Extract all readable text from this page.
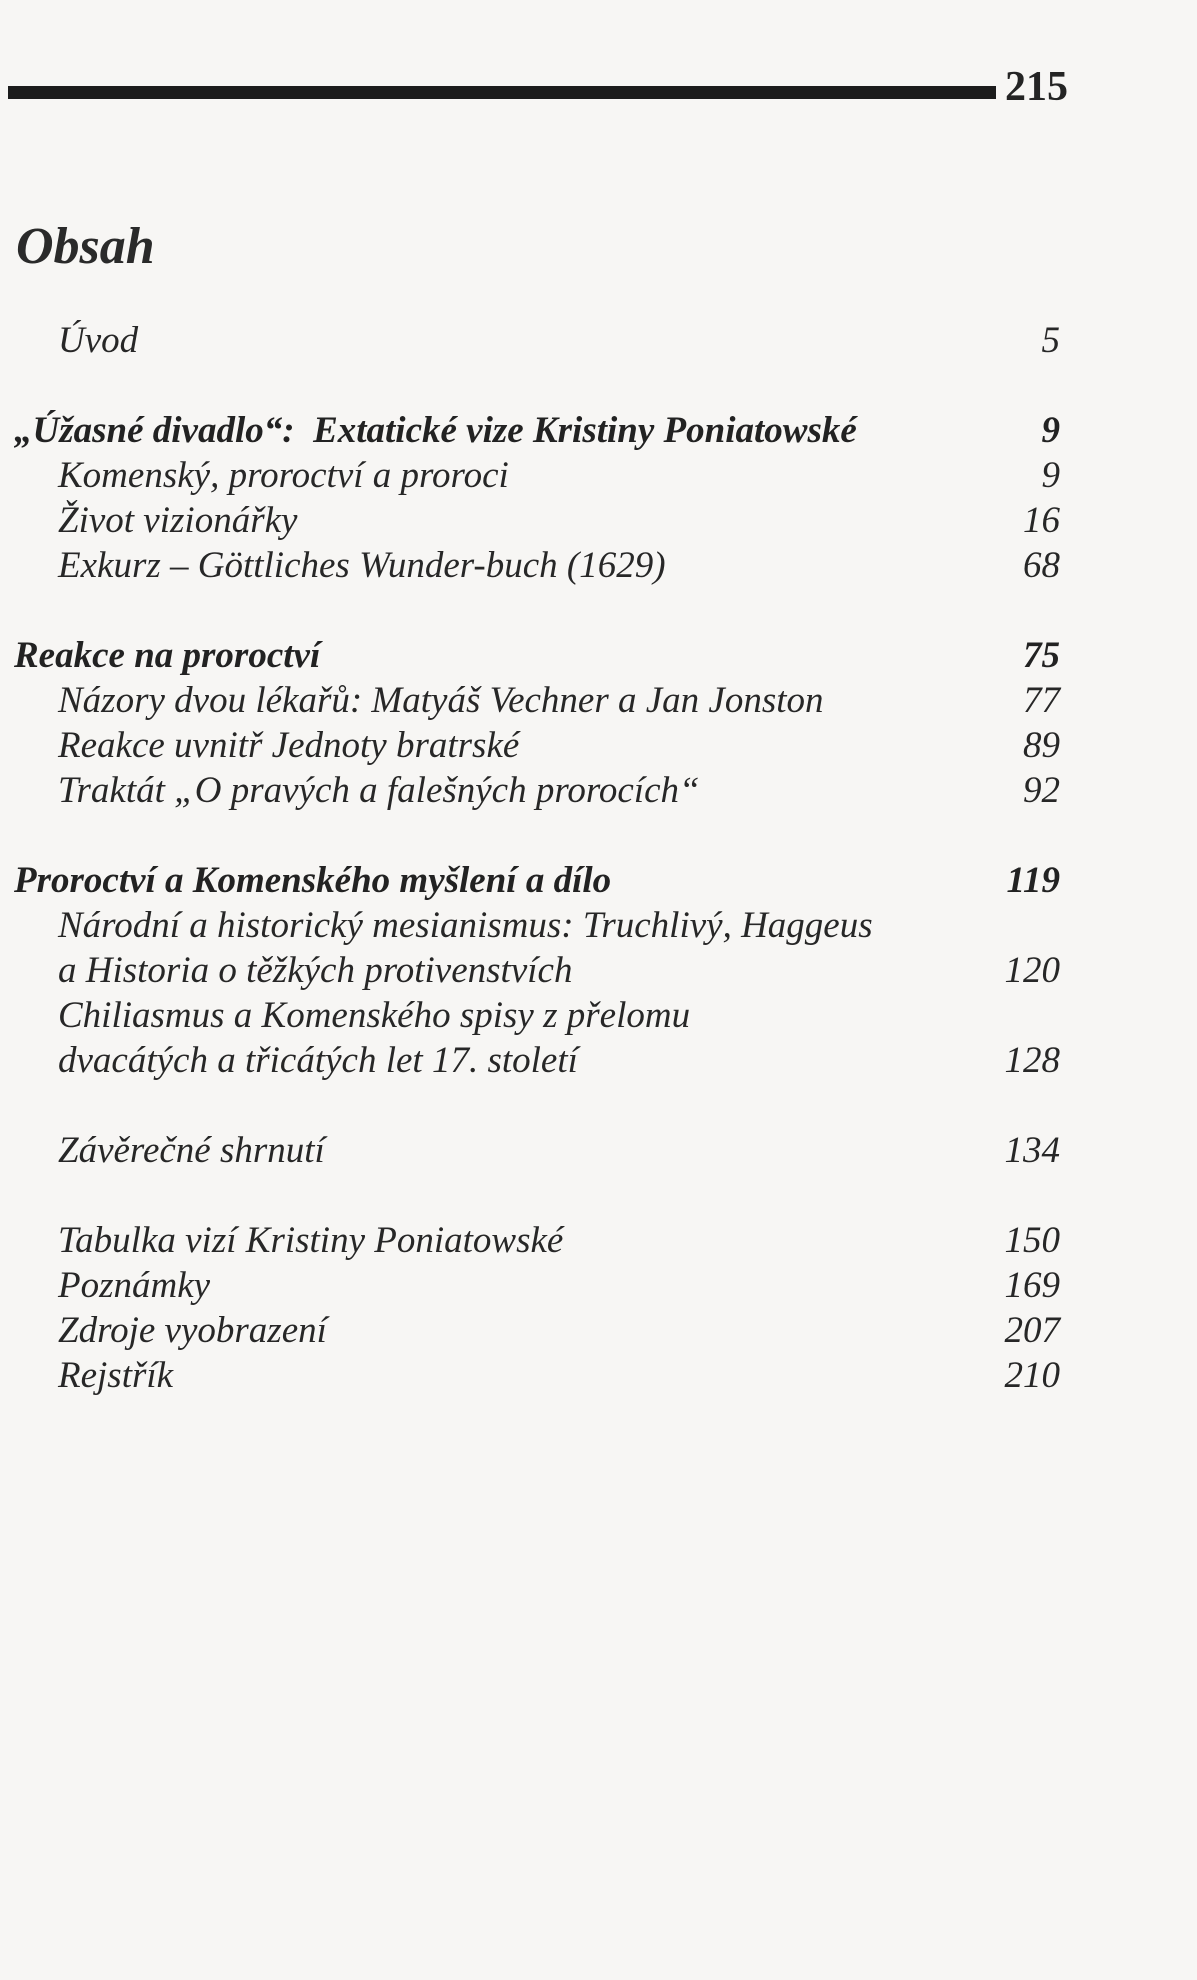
215
Obsah
Úvod	5
„Úžasné divadlo“:  Extatické vize Kristiny Poniatowské	9
Komenský, proroctví a proroci	9
Život vizionářky	16
Exkurz – Göttliches Wunder-buch (1629)	68
Reakce na proroctví	75
Názory dvou lékařů: Matyáš Vechner a Jan Jonston	77
Reakce uvnitř Jednoty bratrské	89
Traktát „O pravých a falešných prorocích“	92
Proroctví a Komenského myšlení a dílo	119
Národní a historický mesianismus: Truchlivý, Haggeus
a Historia o těžkých protivenstvích	120
Chiliasmus a Komenského spisy z přelomu
dvacátých a třicátých let 17. století	128
Závěrečné shrnutí	134
Tabulka vizí Kristiny Poniatowské	150
Poznámky	169
Zdroje vyobrazení	207
Rejstřík	210
